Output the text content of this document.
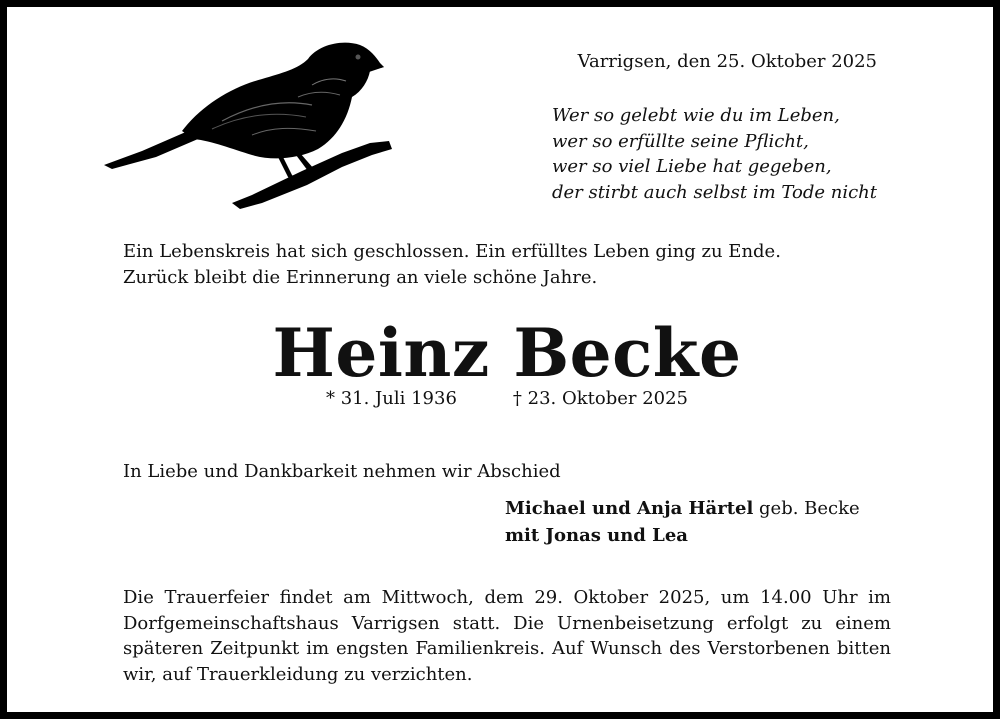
Varrigsen, den 25. Oktober 2025
Wer so gelebt wie du im Leben,
wer so erfüllte seine Pflicht,
wer so viel Liebe hat gegeben,
der stirbt auch selbst im Tode nicht
Ein Lebenskreis hat sich geschlossen. Ein erfülltes Leben ging zu Ende.
Zurück bleibt die Erinnerung an viele schöne Jahre.
Heinz Becke
* 31. Juli 1936	† 23. Oktober 2025
In Liebe und Dankbarkeit nehmen wir Abschied
Michael und Anja Härtel geb. Becke
mit Jonas und Lea
Die Trauerfeier findet am Mittwoch, dem 29. Oktober 2025, um 14.00 Uhr im Dorfgemeinschaftshaus Varrigsen statt. Die Urnenbeisetzung erfolgt zu einem späteren Zeitpunkt im engsten Familienkreis. Auf Wunsch des Verstorbenen bitten wir, auf Trauerkleidung zu verzichten.
